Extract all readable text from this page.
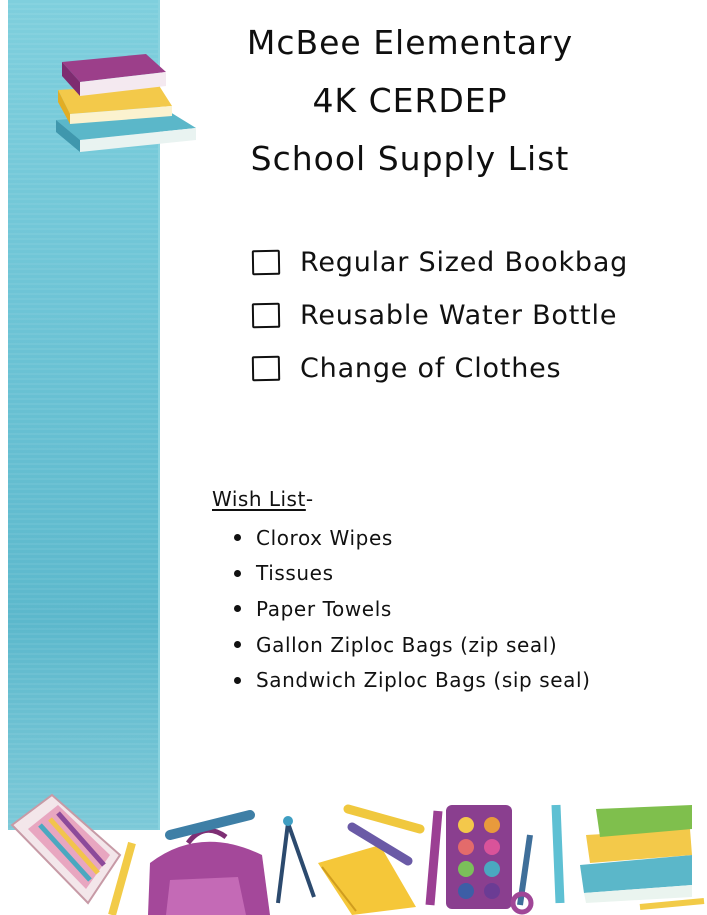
McBee Elementary
4K CERDEP
School Supply List
Regular Sized Bookbag
Reusable Water Bottle
Change of Clothes
Wish List-
Clorox Wipes
Tissues
Paper Towels
Gallon Ziploc Bags (zip seal)
Sandwich Ziploc Bags (sip seal)
